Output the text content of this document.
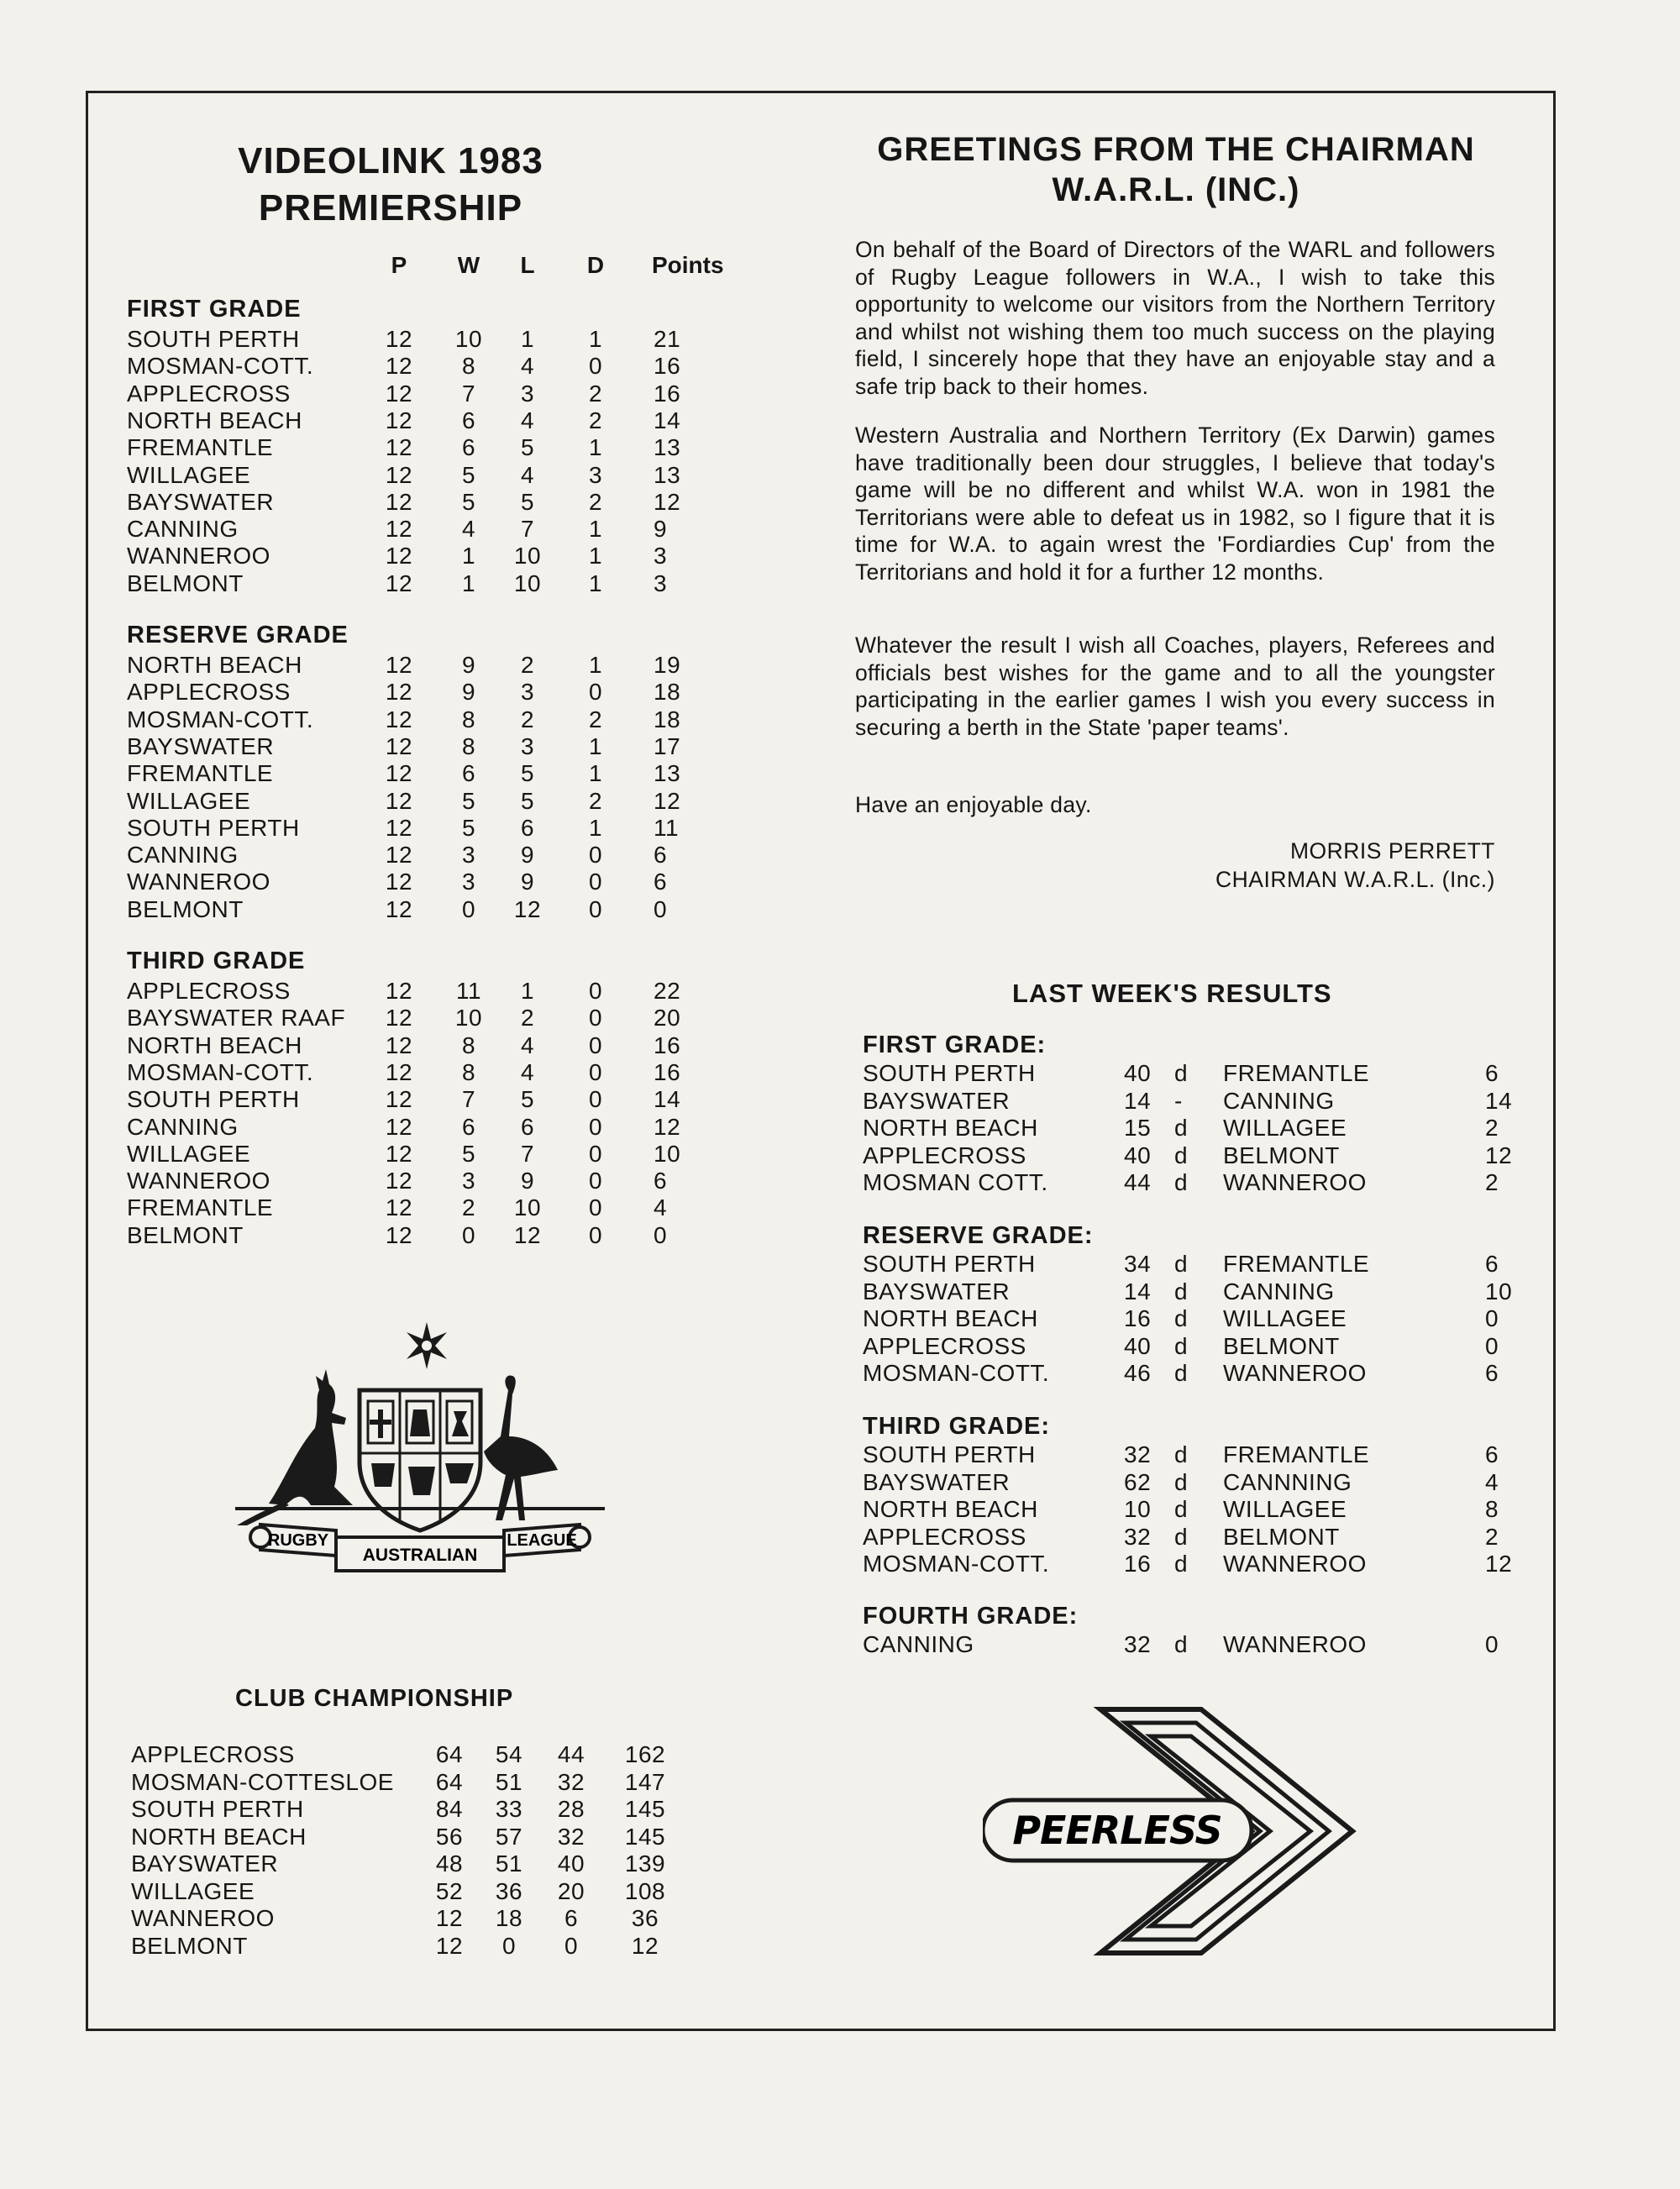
VIDEOLINK 1983
PREMIERSHIP
P	W	L	D	Points
FIRST GRADE
SOUTH PERTH	12	10	1	1	21
MOSMAN-COTT.	12	8	4	0	16
APPLECROSS	12	7	3	2	16
NORTH BEACH	12	6	4	2	14
FREMANTLE	12	6	5	1	13
WILLAGEE	12	5	4	3	13
BAYSWATER	12	5	5	2	12
CANNING	12	4	7	1	9
WANNEROO	12	1	10	1	3
BELMONT	12	1	10	1	3
RESERVE GRADE
NORTH BEACH	12	9	2	1	19
APPLECROSS	12	9	3	0	18
MOSMAN-COTT.	12	8	2	2	18
BAYSWATER	12	8	3	1	17
FREMANTLE	12	6	5	1	13
WILLAGEE	12	5	5	2	12
SOUTH PERTH	12	5	6	1	11
CANNING	12	3	9	0	6
WANNEROO	12	3	9	0	6
BELMONT	12	0	12	0	0
THIRD GRADE
APPLECROSS	12	11	1	0	22
BAYSWATER RAAF	12	10	2	0	20
NORTH BEACH	12	8	4	0	16
MOSMAN-COTT.	12	8	4	0	16
SOUTH PERTH	12	7	5	0	14
CANNING	12	6	6	0	12
WILLAGEE	12	5	7	0	10
WANNEROO	12	3	9	0	6
FREMANTLE	12	2	10	0	4
BELMONT	12	0	12	0	0
RUGBY
AUSTRALIAN
LEAGUE
CLUB CHAMPIONSHIP
APPLECROSS	64	54	44	162
MOSMAN-COTTESLOE	64	51	32	147
SOUTH PERTH	84	33	28	145
NORTH BEACH	56	57	32	145
BAYSWATER	48	51	40	139
WILLAGEE	52	36	20	108
WANNEROO	12	18	6	36
BELMONT	12	0	0	12
GREETINGS FROM THE CHAIRMAN
W.A.R.L. (INC.)
On behalf of the Board of Directors of the WARL and followers of Rugby League followers in W.A., I wish to take this opportunity to welcome our visitors from the Northern Territory and whilst not wishing them too much success on the playing field, I sincerely hope that they have an enjoyable stay and a safe trip back to their homes.
Western Australia and Northern Territory (Ex Darwin) games have traditionally been dour struggles, I believe that today's game will be no different and whilst W.A. won in 1981 the Territorians were able to defeat us in 1982, so I figure that it is time for W.A. to again wrest the 'Fordiardies Cup' from the Territorians and hold it for a further 12 months.
Whatever the result I wish all Coaches, players, Referees and officials best wishes for the game and to all the youngster participating in the earlier games I wish you every success in securing a berth in the State 'paper teams'.
Have an enjoyable day.
MORRIS PERRETT
CHAIRMAN W.A.R.L. (Inc.)
LAST WEEK'S RESULTS
FIRST GRADE:
SOUTH PERTH	40 d FREMANTLE	6
BAYSWATER	14 - CANNING	14
NORTH BEACH	15 d WILLAGEE	2
APPLECROSS	40 d BELMONT	12
MOSMAN COTT.	44 d WANNEROO	2
RESERVE GRADE:
SOUTH PERTH	34 d FREMANTLE	6
BAYSWATER	14 d CANNING	10
NORTH BEACH	16 d WILLAGEE	0
APPLECROSS	40 d BELMONT	0
MOSMAN-COTT.	46 d WANNEROO	6
THIRD GRADE:
SOUTH PERTH	32 d FREMANTLE	6
BAYSWATER	62 d CANNNING	4
NORTH BEACH	10 d WILLAGEE	8
APPLECROSS	32 d BELMONT	2
MOSMAN-COTT.	16 d WANNEROO	12
FOURTH GRADE:
CANNING	32 d WANNEROO	0
PEERLESS
